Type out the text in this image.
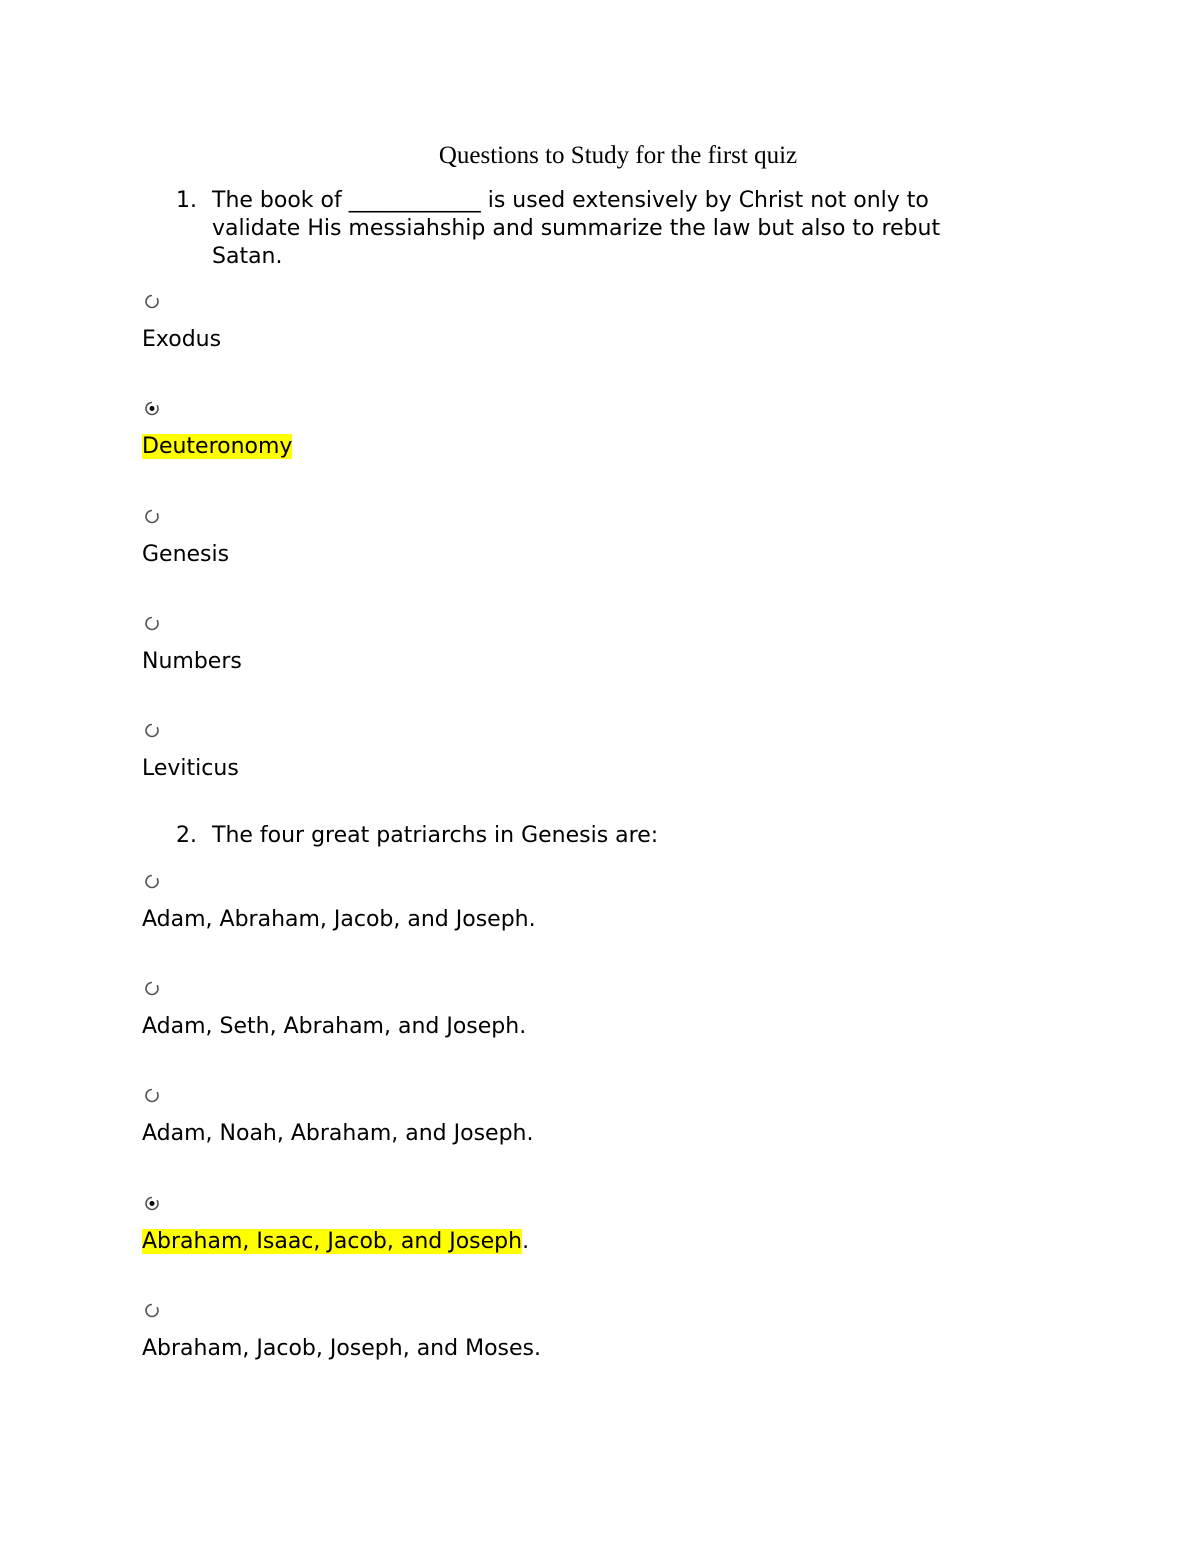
Questions to Study for the first quiz
1. The book of ____________ is used extensively by Christ not only to validate His messiahship and summarize the law but also to rebut Satan.
Exodus
Deuteronomy
Genesis
Numbers
Leviticus
2. The four great patriarchs in Genesis are:
Adam, Abraham, Jacob, and Joseph.
Adam, Seth, Abraham, and Joseph.
Adam, Noah, Abraham, and Joseph.
Abraham, Isaac, Jacob, and Joseph.
Abraham, Jacob, Joseph, and Moses.
